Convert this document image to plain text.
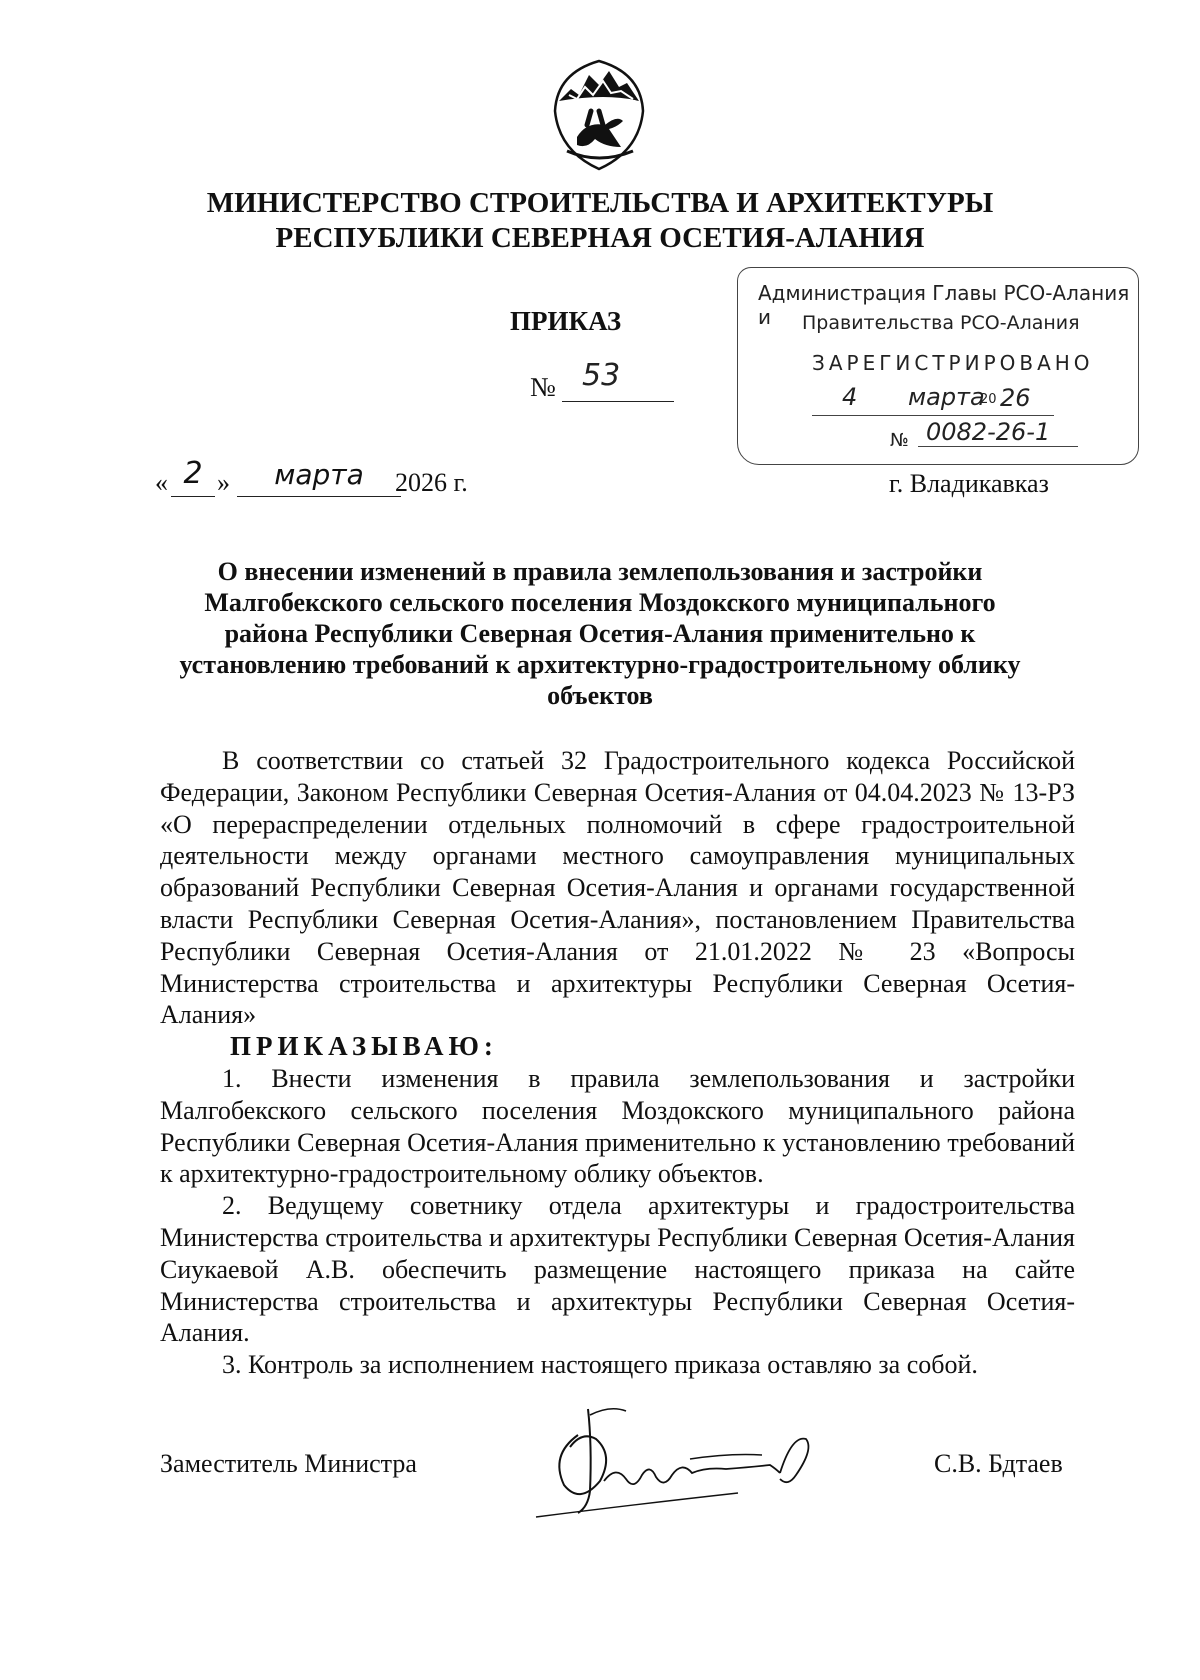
МИНИСТЕРСТВО СТРОИТЕЛЬСТВА И АРХИТЕКТУРЫ
РЕСПУБЛИКИ СЕВЕРНАЯ ОСЕТИЯ-АЛАНИЯ
ПРИКАЗ
№ 53
Администрация Главы РСО-Алания и	Правительства РСО-Алания
ЗАРЕГИСТРИРОВАНО
4 марта
20 26
№ 0082-26-1
« 2 »	марта	2026 г.	г. Владикавказ
О внесении изменений в правила землепользования и застройки
Малгобекского сельского поселения Моздокского муниципального
района Республики Северная Осетия-Алания применительно к
установлению требований к архитектурно-градостроительному облику
объектов

В соответствии со статьей 32 Градостроительного кодекса Российской Федерации, Законом Республики Северная Осетия-Алания от 04.04.2023 № 13-РЗ «О перераспределении отдельных полномочий в сфере градостроительной деятельности между органами местного самоуправления муниципальных образований Республики Северная Осетия-Алания и органами государственной власти Республики Северная Осетия-Алания», постановлением Правительства Республики Северная Осетия-Алания от 21.01.2022 № 23 «Вопросы Министерства строительства и архитектуры Республики Северная Осетия-Алания»

ПРИКАЗЫВАЮ:

1. Внести изменения в правила землепользования и застройки Малгобекского сельского поселения Моздокского муниципального района Республики Северная Осетия-Алания применительно к установлению требований к архитектурно-градостроительному облику объектов.

2. Ведущему советнику отдела архитектуры и градостроительства Министерства строительства и архитектуры Республики Северная Осетия-Алания Сиукаевой А.В. обеспечить размещение настоящего приказа на сайте Министерства строительства и архитектуры Республики Северная Осетия-Алания.

3. Контроль за исполнением настоящего приказа оставляю за собой.

Заместитель Министра	С.В. Бдтаев
